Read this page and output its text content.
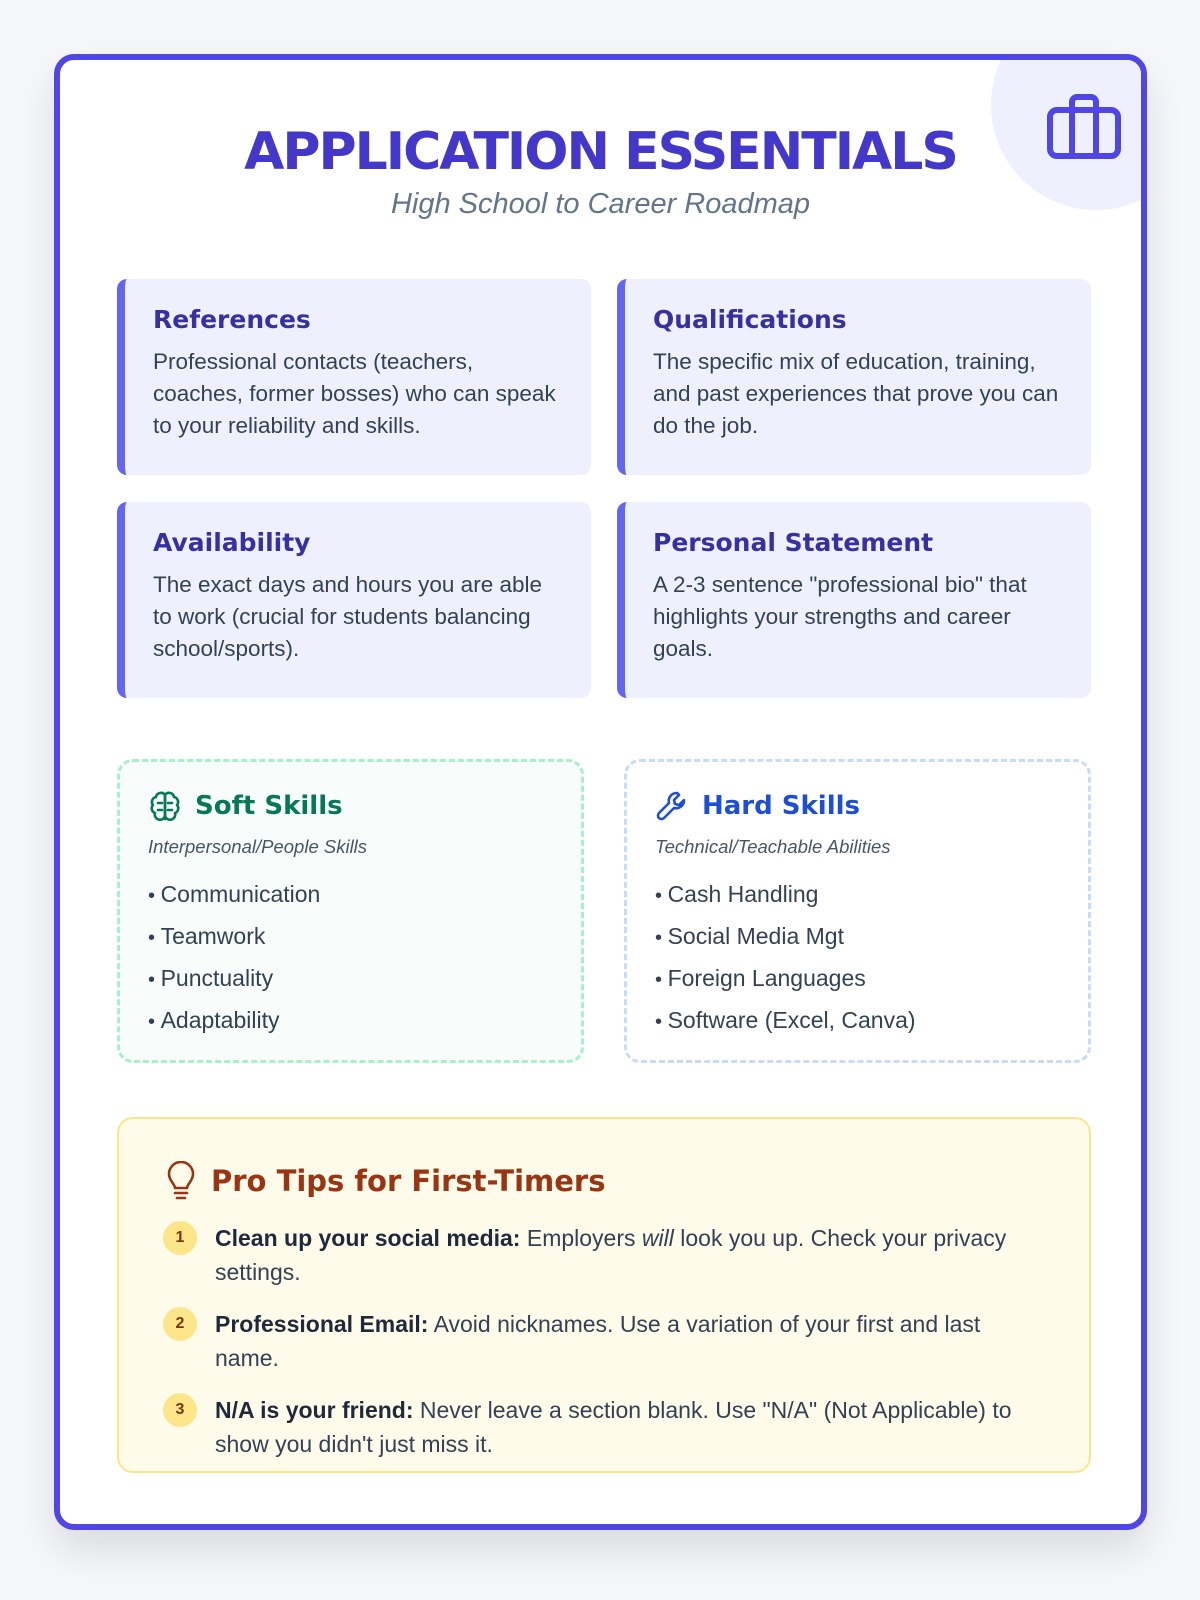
APPLICATION ESSENTIALS
High School to Career Roadmap
References
Professional contacts (teachers, coaches, former bosses) who can speak to your reliability and skills.
Qualifications
The specific mix of education, training, and past experiences that prove you can do the job.
Availability
The exact days and hours you are able to work (crucial for students balancing school/sports).
Personal Statement
A 2-3 sentence "professional bio" that highlights your strengths and career goals.
Soft Skills
Interpersonal/People Skills
• Communication
• Teamwork
• Punctuality
• Adaptability
Hard Skills
Technical/Teachable Abilities
• Cash Handling
• Social Media Mgt
• Foreign Languages
• Software (Excel, Canva)
Pro Tips for First-Timers
1	Clean up your social media: Employers will look you up. Check your privacy settings.
2	Professional Email: Avoid nicknames. Use a variation of your first and last name.
3	N/A is your friend: Never leave a section blank. Use "N/A" (Not Applicable) to show you didn't just miss it.
